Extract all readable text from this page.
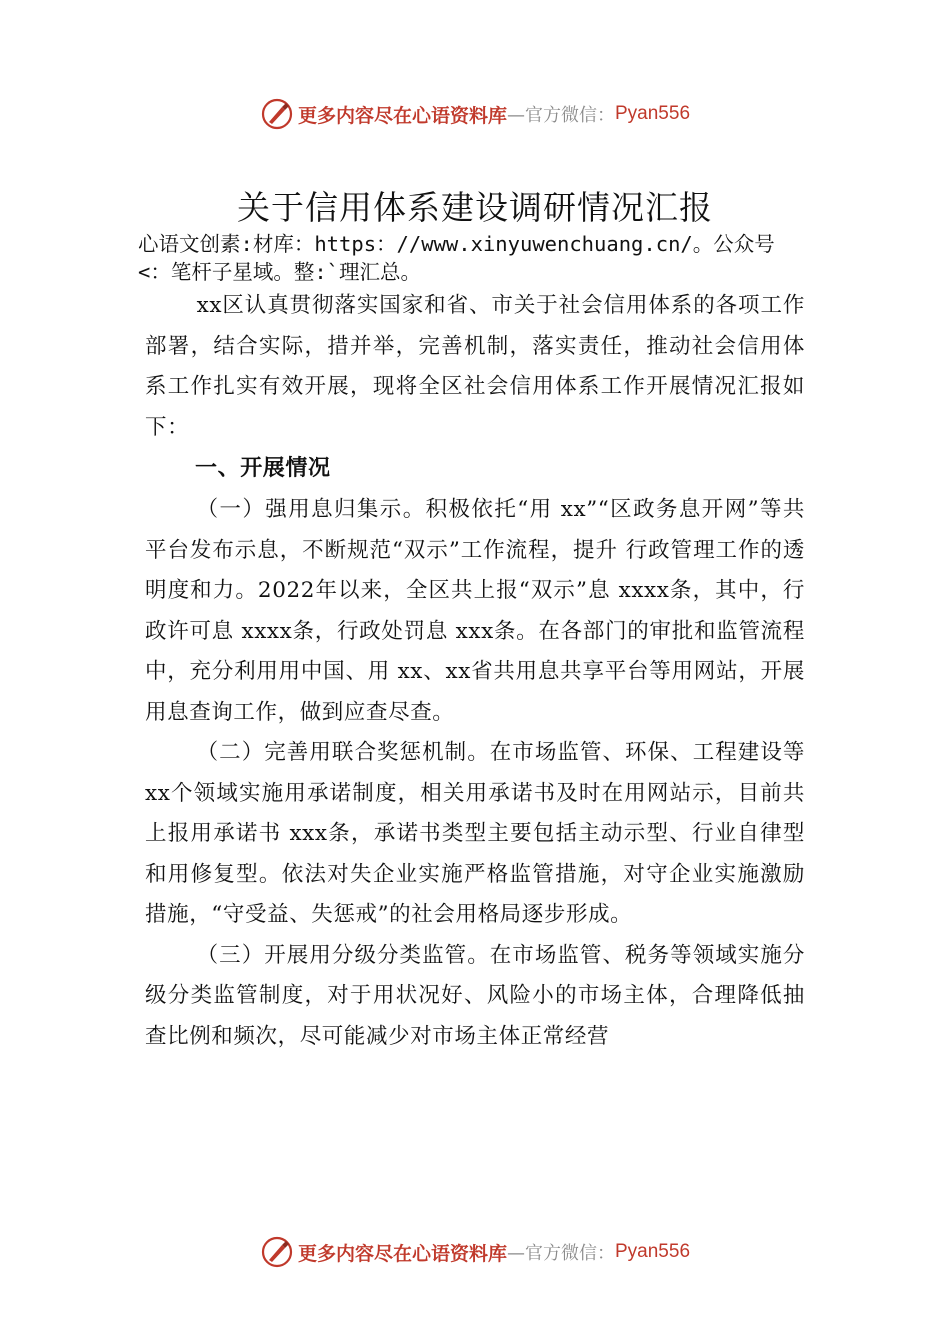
更多内容尽在心语资料库 —官方微信： Pyan556
关于信用体系建设调研情况汇报
心语文创素:材库：https：//www.xinyuwenchuang.cn/。公众号
<：笔杆子星域。整:`理汇总。

xx区认真贯彻落实国家和省、市关于社会信用体系的各项工作部署，结合实际，措并举，完善机制，落实责任，推动社会信用体系工作扎实有效开展，现将全区社会信用体系工作开展情况汇报如下：

一、开展情况

（一）强用息归集示。积极依托“用 xx”“区政务息开网”等共平台发布示息，不断规范“双示”工作流程，提升 行政管理工作的透明度和力。2022年以来，全区共上报“双示”息 xxxx条，其中，行政许可息 xxxx条，行政处罚息 xxx条。在各部门的审批和监管流程中，充分利用用中国、用 xx、xx省共用息共享平台等用网站，开展用息查询工作，做到应查尽查。

（二）完善用联合奖惩机制。在市场监管、环保、工程建设等 xx个领域实施用承诺制度，相关用承诺书及时在用网站示，目前共上报用承诺书 xxx条，承诺书类型主要包括主动示型、行业自律型和用修复型。依法对失企业实施严格监管措施，对守企业实施激励措施，“守受益、失惩戒”的社会用格局逐步形成。

（三）开展用分级分类监管。在市场监管、税务等领域实施分级分类监管制度，对于用状况好、风险小的市场主体，合理降低抽查比例和频次，尽可能减少对市场主体正常经营

更多内容尽在心语资料库 —官方微信： Pyan556
